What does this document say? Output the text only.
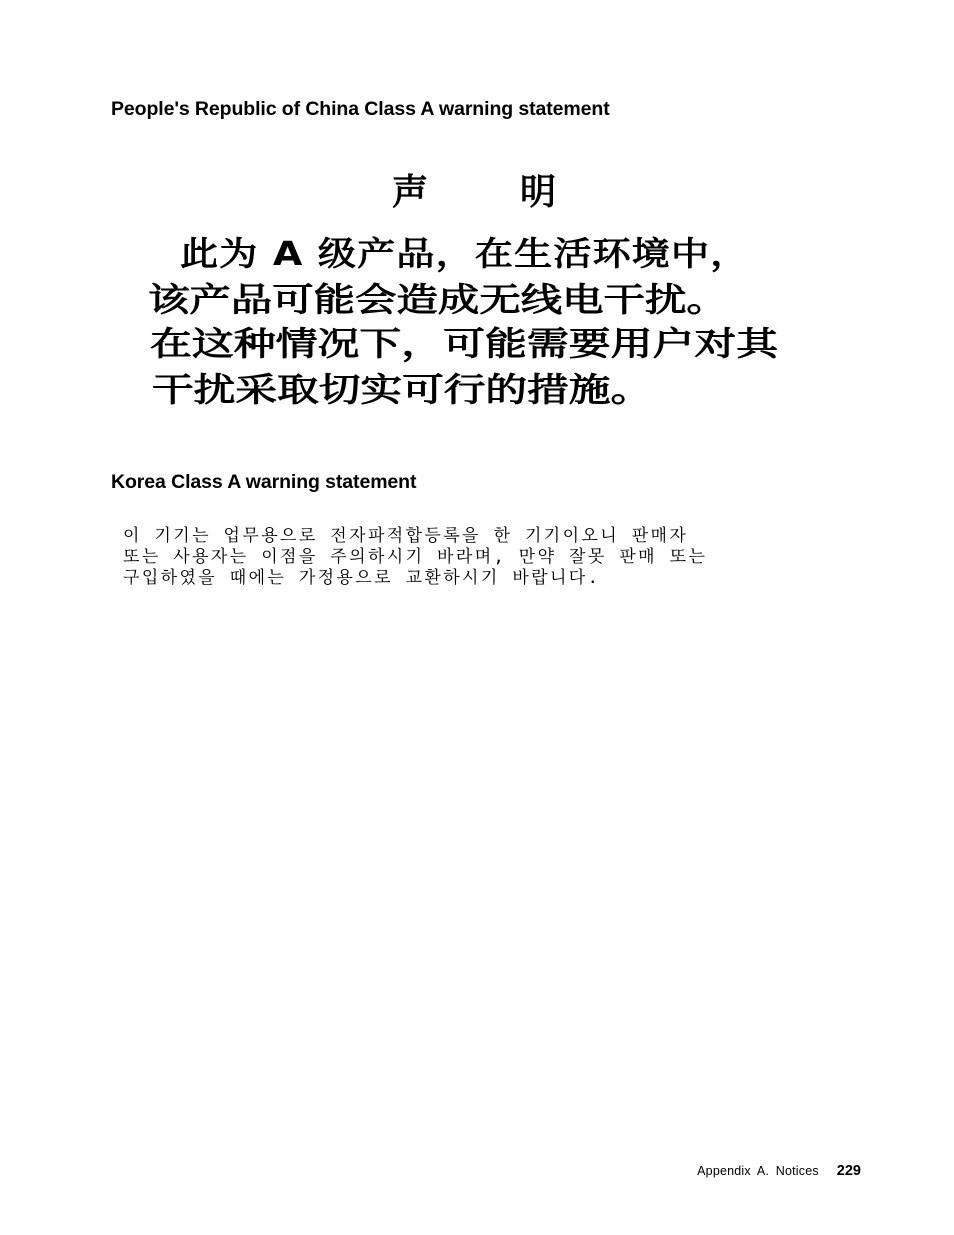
People's Republic of China Class A warning statement
声	明

此为 A 级产品，在生活环境中，

该产品可能会造成无线电干扰。

在这种情况下，可能需要用户对其

干扰采取切实可行的措施。

Korea Class A warning statement

이 기기는 업무용으로 전자파적합등록을 한 기기이오니 판매자

또는 사용자는 이점을 주의하시기 바라며, 만약 잘못 판매 또는

구입하였을 때에는 가정용으로 교환하시기 바랍니다.

Appendix A. Notices 229
